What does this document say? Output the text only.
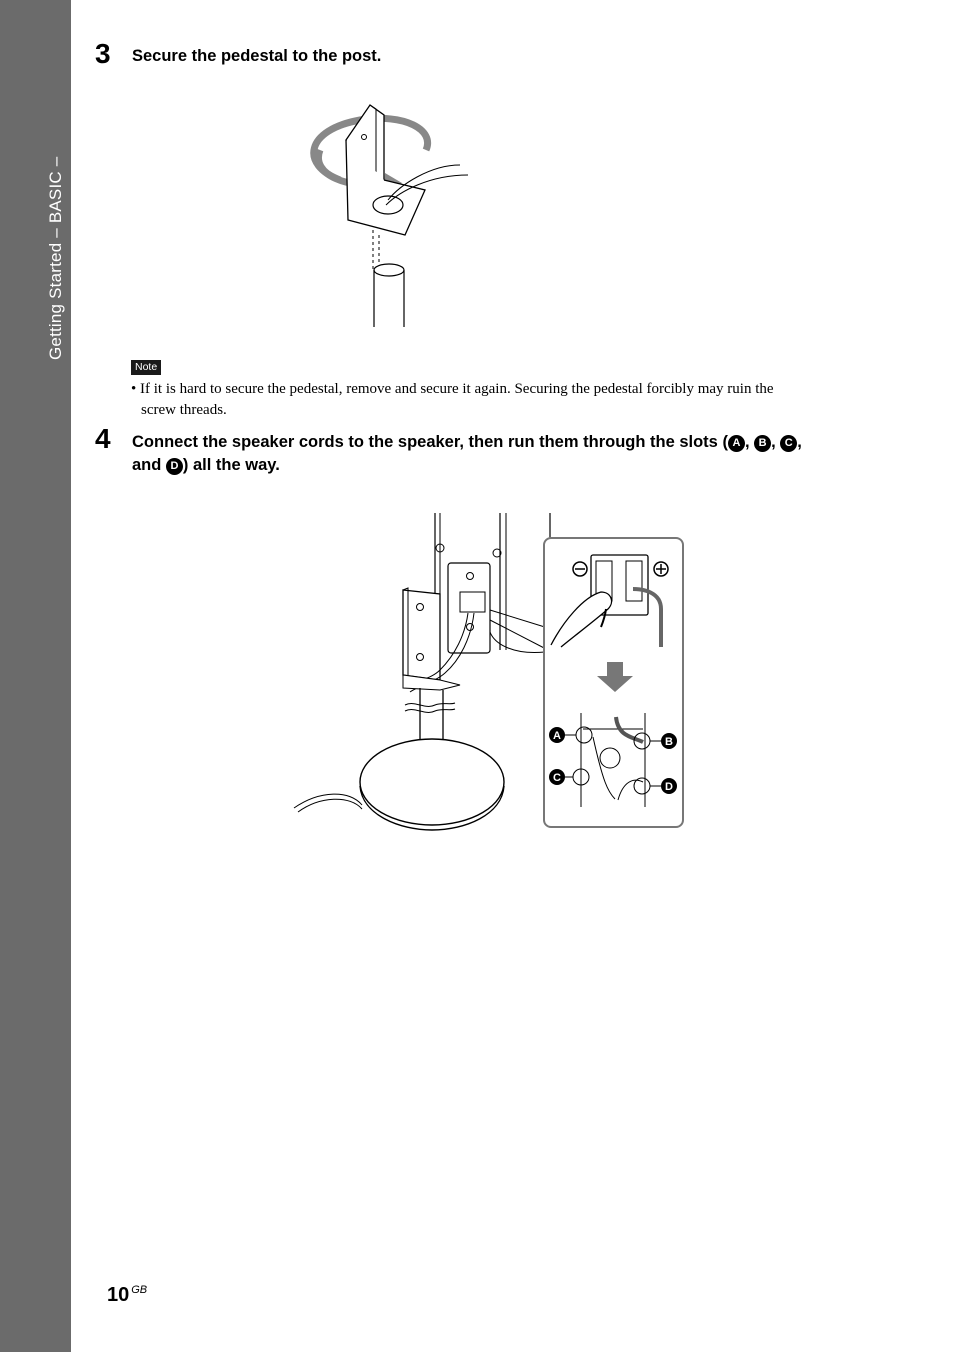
Getting Started – BASIC –
3 Secure the pedestal to the post.
Note
• If it is hard to secure the pedestal, remove and secure it again. Securing the pedestal forcibly may ruin the
screw threads.
4 Connect the speaker cords to the speaker, then run them through the slots ( A , B , C ,
and D ) all the way.
A	B
C
D
10 $^{GB}$
